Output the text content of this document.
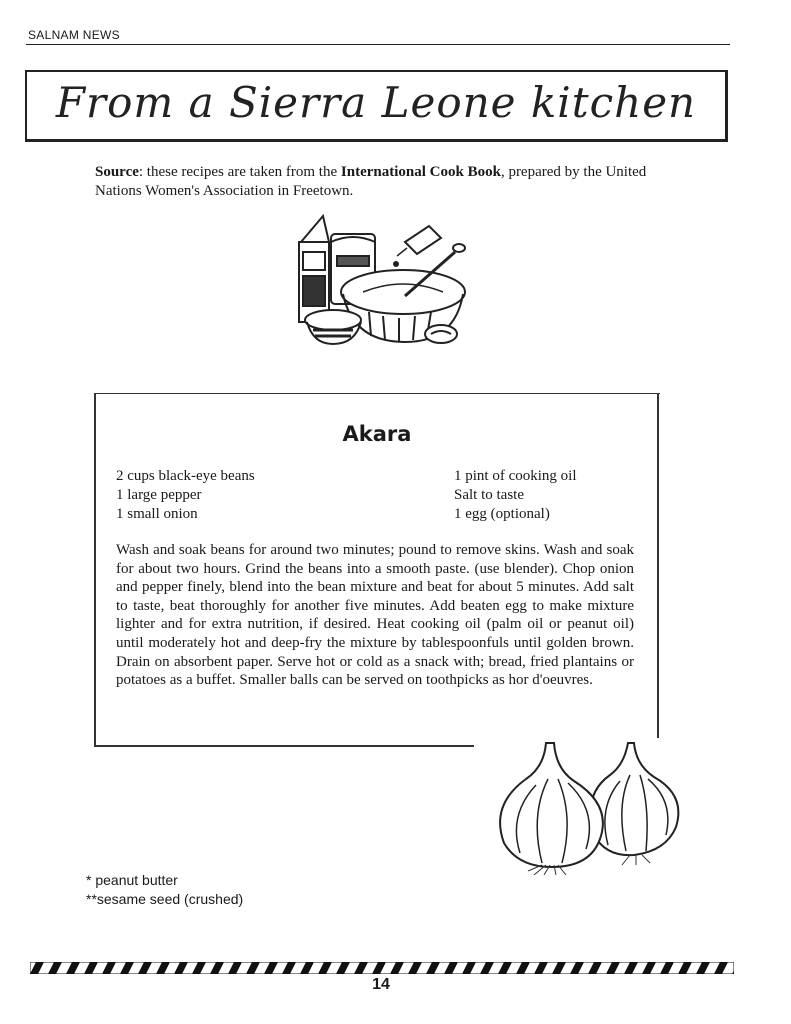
SALNAM NEWS
From a Sierra Leone kitchen
Source: these recipes are taken from the International Cook Book, prepared by the United Nations Women's Association in Freetown.
Akara
2 cups black-eye beans
1 large pepper
1 small onion
1 pint of cooking oil
Salt to taste
1 egg (optional)
Wash and soak beans for around two minutes; pound to remove skins. Wash and soak for about two hours. Grind the beans into a smooth paste. (use blender). Chop onion and pepper finely, blend into the bean mixture and beat for about 5 minutes. Add salt to taste, beat thoroughly for another five minutes. Add beaten egg to make mixture lighter and for extra nutrition, if desired. Heat cooking oil (palm oil or peanut oil) until moderately hot and deep-fry the mixture by tablespoonfuls until golden brown. Drain on absorbent paper. Serve hot or cold as a snack with; bread, fried plantains or potatoes as a buffet. Smaller balls can be served on toothpicks as hor d'oeuvres.
* peanut butter
**sesame seed (crushed)
14
